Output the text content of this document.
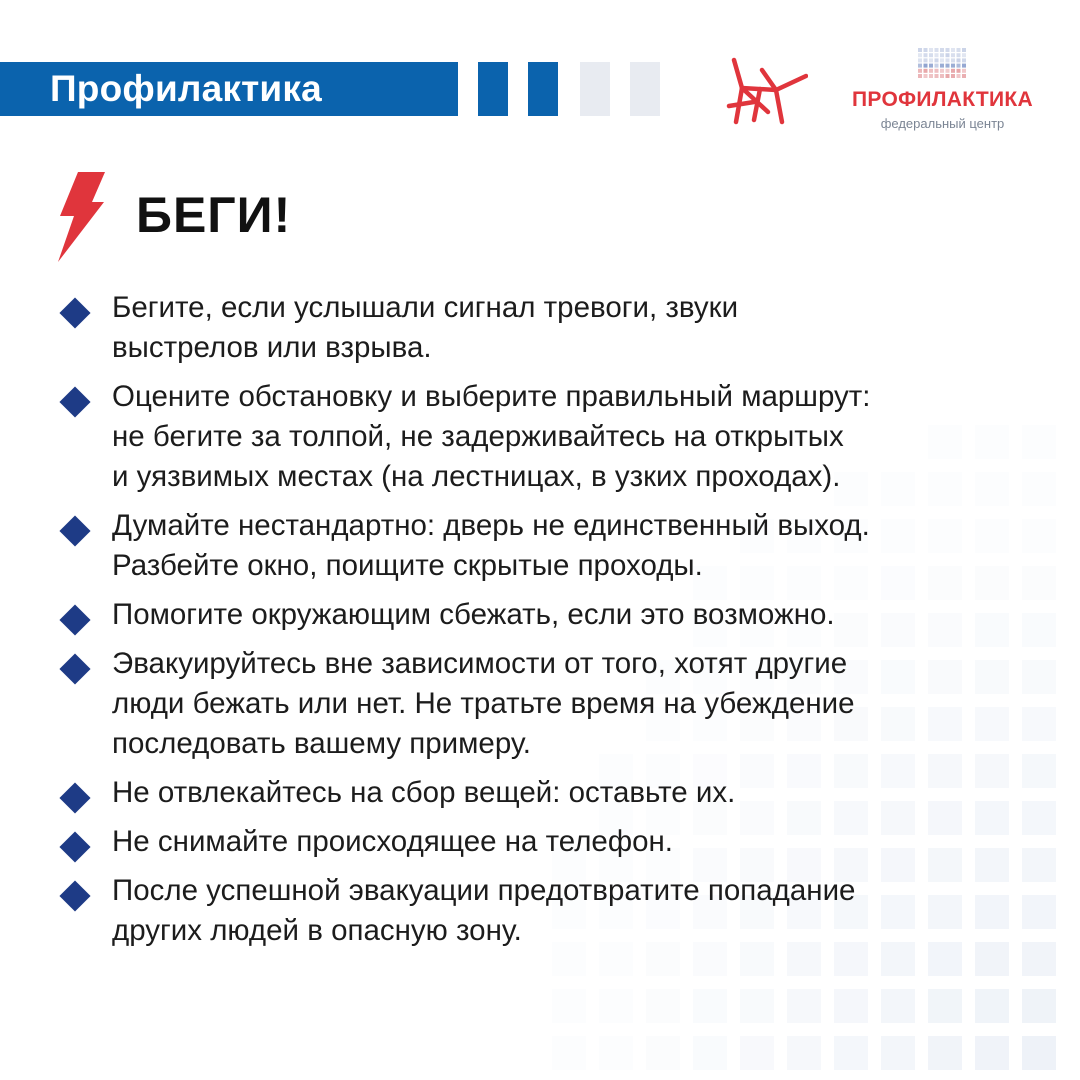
Профилактика	ПРОФИЛАКТИКА
федеральный центр
БЕГИ!
Бегите, если услышали сигнал тревоги, звуки
выстрелов или взрыва.
Оцените обстановку и выберите правильный маршрут:
не бегите за толпой, не задерживайтесь на открытых
и уязвимых местах (на лестницах, в узких проходах).
Думайте нестандартно: дверь не единственный выход.
Разбейте окно, поищите скрытые проходы.
Помогите окружающим сбежать, если это возможно.
Эвакуируйтесь вне зависимости от того, хотят другие
люди бежать или нет. Не тратьте время на убеждение
последовать вашему примеру.
Не отвлекайтесь на сбор вещей: оставьте их.
Не снимайте происходящее на телефон.
После успешной эвакуации предотвратите попадание
других людей в опасную зону.
